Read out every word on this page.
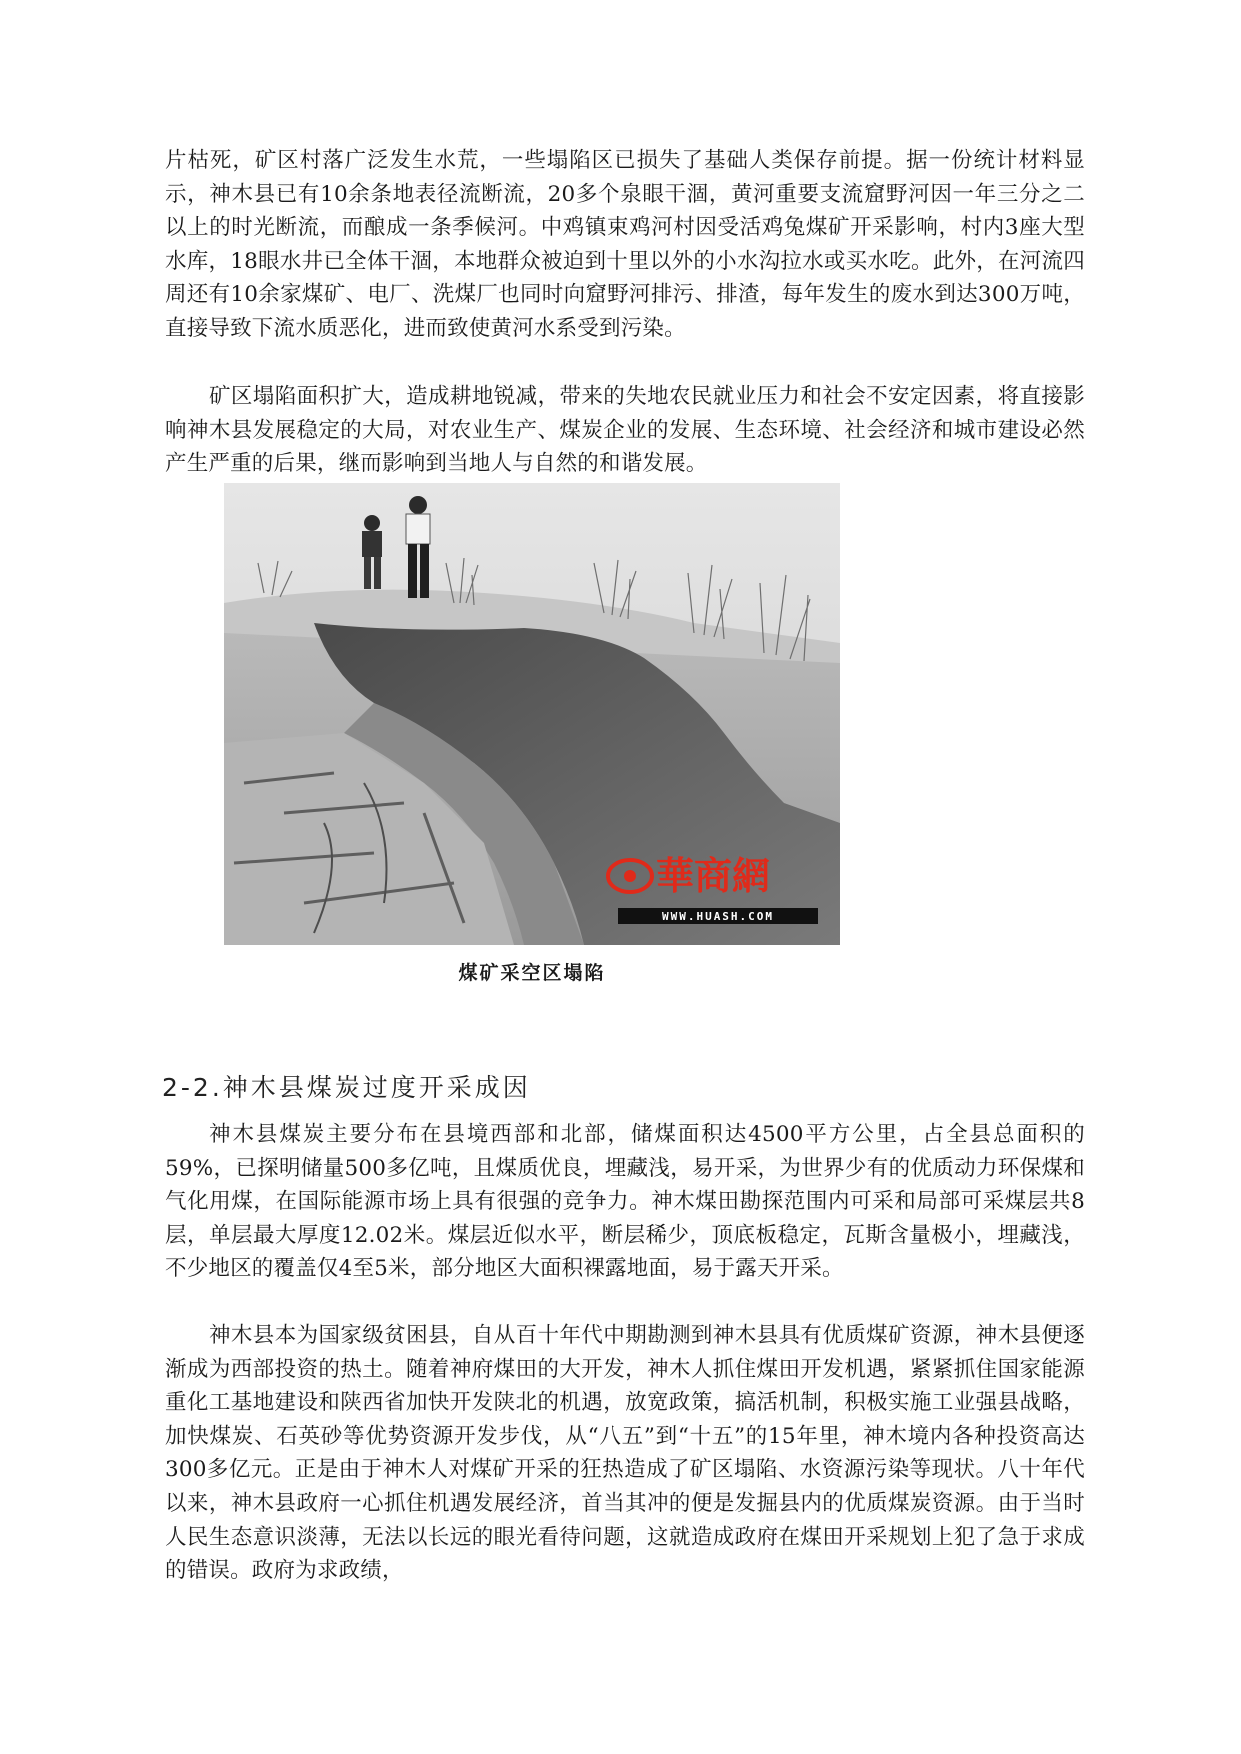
片枯死，矿区村落广泛发生水荒，一些塌陷区已损失了基础人类保存前提。据一份统计材料显示，神木县已有10余条地表径流断流，20多个泉眼干涸，黄河重要支流窟野河因一年三分之二以上的时光断流，而酿成一条季候河。中鸡镇束鸡河村因受活鸡兔煤矿开采影响，村内3座大型水库，18眼水井已全体干涸，本地群众被迫到十里以外的小水沟拉水或买水吃。此外，在河流四周还有10余家煤矿、电厂、洗煤厂也同时向窟野河排污、排渣，每年发生的废水到达300万吨，直接导致下流水质恶化，进而致使黄河水系受到污染。

矿区塌陷面积扩大，造成耕地锐减，带来的失地农民就业压力和社会不安定因素，将直接影响神木县发展稳定的大局，对农业生产、煤炭企业的发展、生态环境、社会经济和城市建设必然产生严重的后果，继而影响到当地人与自然的和谐发展。

華商網
WWW.HUASH.COM
煤矿采空区塌陷
2-2.神木县煤炭过度开采成因

神木县煤炭主要分布在县境西部和北部，储煤面积达4500平方公里，占全县总面积的59%，已探明储量500多亿吨，且煤质优良，埋藏浅，易开采，为世界少有的优质动力环保煤和气化用煤，在国际能源市场上具有很强的竞争力。神木煤田勘探范围内可采和局部可采煤层共8层，单层最大厚度12.02米。煤层近似水平，断层稀少，顶底板稳定，瓦斯含量极小，埋藏浅，不少地区的覆盖仅4至5米，部分地区大面积裸露地面，易于露天开采。

神木县本为国家级贫困县，自从百十年代中期勘测到神木县具有优质煤矿资源，神木县便逐渐成为西部投资的热土。随着神府煤田的大开发，神木人抓住煤田开发机遇，紧紧抓住国家能源重化工基地建设和陕西省加快开发陕北的机遇，放宽政策，搞活机制，积极实施工业强县战略，加快煤炭、石英砂等优势资源开发步伐，从“八五”到“十五”的15年里，神木境内各种投资高达300多亿元。正是由于神木人对煤矿开采的狂热造成了矿区塌陷、水资源污染等现状。八十年代以来，神木县政府一心抓住机遇发展经济，首当其冲的便是发掘县内的优质煤炭资源。由于当时人民生态意识淡薄，无法以长远的眼光看待问题，这就造成政府在煤田开采规划上犯了急于求成的错误。政府为求政绩，
